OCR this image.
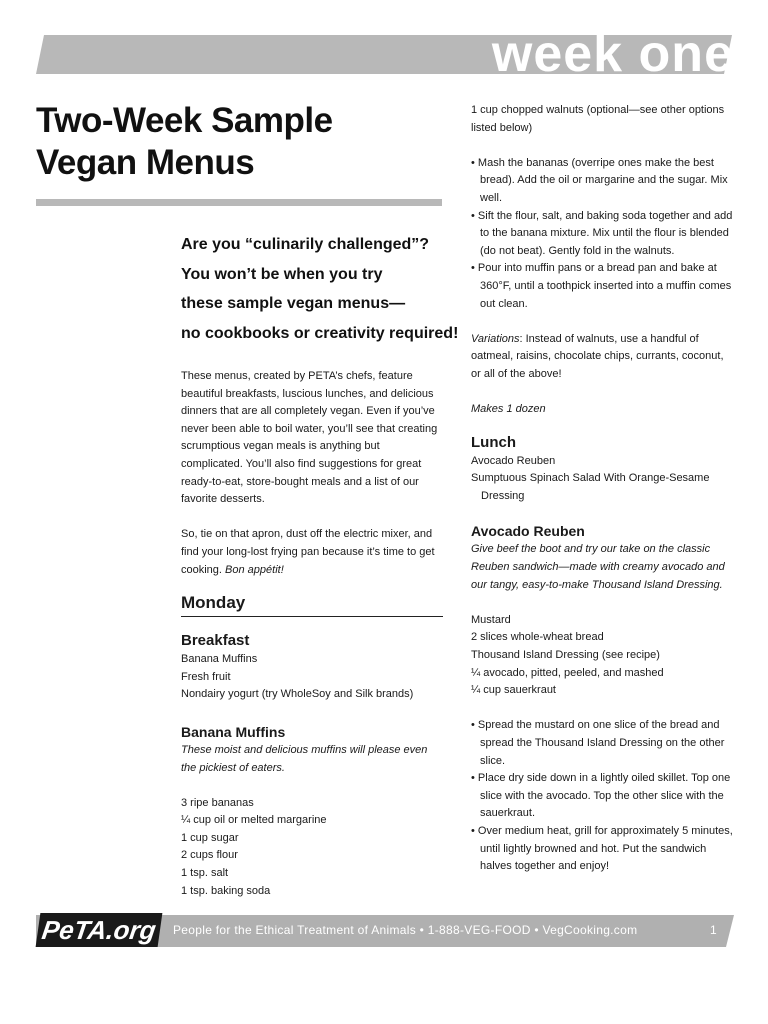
week one
Two-Week Sample
Vegan Menus
Are you “culinarily challenged”?
You won’t be when you try
these sample vegan menus—
no cookbooks or creativity required!

These menus, created by PETA’s chefs, feature beautiful breakfasts, luscious lunches, and delicious dinners that are all completely vegan. Even if you’ve never been able to boil water, you’ll see that creating scrumptious vegan meals is anything but complicated. You’ll also find suggestions for great ready-to-eat, store-bought meals and a list of our favorite desserts.

So, tie on that apron, dust off the electric mixer, and find your long-lost frying pan because it’s time to get cooking. Bon appétit!

Monday
Breakfast

Banana Muffins

Fresh fruit

Nondairy yogurt (try WholeSoy and Silk brands)

Banana Muffins

These moist and delicious muffins will please even the pickiest of eaters.

3 ripe bananas

¼ cup oil or melted margarine

1 cup sugar

2 cups flour

1 tsp. salt

1 tsp. baking soda

1 cup chopped walnuts (optional—see other options listed below)

• Mash the bananas (overripe ones make the best bread). Add the oil or margarine and the sugar. Mix well.
• Sift the flour, salt, and baking soda together and add to the banana mixture. Mix until the flour is blended (do not beat). Gently fold in the walnuts.
• Pour into muffin pans or a bread pan and bake at 360°F, until a toothpick inserted into a muffin comes out clean.

Variations: Instead of walnuts, use a handful of oatmeal, raisins, chocolate chips, currants, coconut, or all of the above!

Makes 1 dozen

Lunch

Avocado Reuben

Sumptuous Spinach Salad With Orange-Sesame

Dressing

Avocado Reuben

Give beef the boot and try our take on the classic Reuben sandwich—made with creamy avocado and our tangy, easy-to-make Thousand Island Dressing.

Mustard

2 slices whole-wheat bread

Thousand Island Dressing (see recipe)

¼ avocado, pitted, peeled, and mashed

¼ cup sauerkraut

• Spread the mustard on one slice of the bread and spread the Thousand Island Dressing on the other slice.
• Place dry side down in a lightly oiled skillet. Top one slice with the avocado. Top the other slice with the sauerkraut.
• Over medium heat, grill for approximately 5 minutes, until lightly browned and hot. Put the sandwich halves together and enjoy!
PeTA.org	People for the Ethical Treatment of Animals • 1-888-VEG-FOOD • VegCooking.com	1
